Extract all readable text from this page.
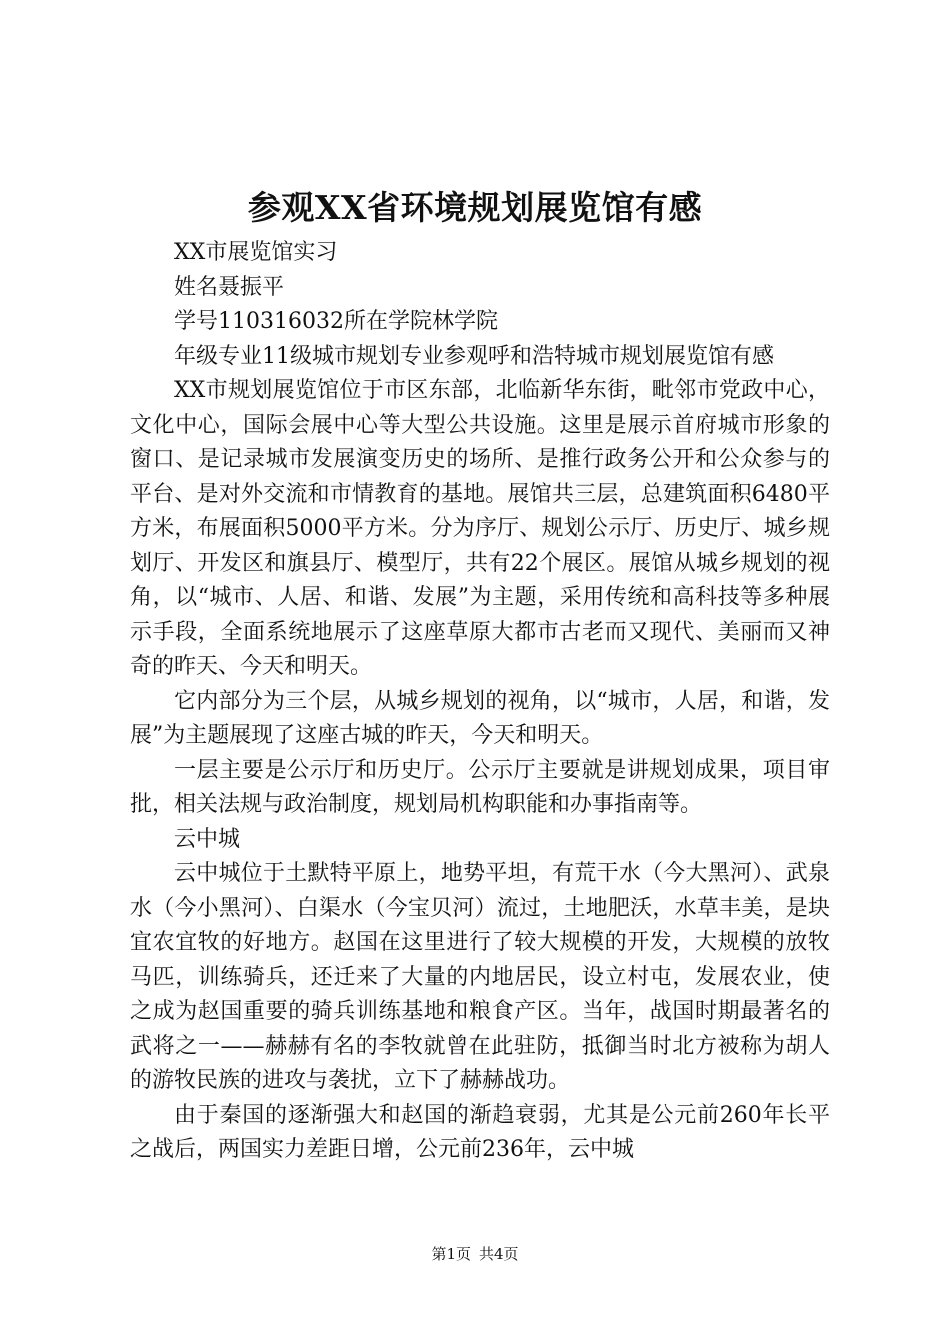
参观XX省环境规划展览馆有感

XX市展览馆实习

姓名聂振平

学号110316032所在学院林学院

年级专业11级城市规划专业参观呼和浩特城市规划展览馆有感

XX市规划展览馆位于市区东部，北临新华东街，毗邻市党政中心，文化中心，国际会展中心等大型公共设施。这里是展示首府城市形象的窗口、是记录城市发展演变历史的场所、是推行政务公开和公众参与的平台、是对外交流和市情教育的基地。展馆共三层，总建筑面积6480平方米，布展面积5000平方米。分为序厅、规划公示厅、历史厅、城乡规划厅、开发区和旗县厅、模型厅，共有22个展区。展馆从城乡规划的视角，以“城市、人居、和谐、发展”为主题，采用传统和高科技等多种展示手段，全面系统地展示了这座草原大都市古老而又现代、美丽而又神奇的昨天、今天和明天。

它内部分为三个层，从城乡规划的视角，以“城市，人居，和谐，发展”为主题展现了这座古城的昨天，今天和明天。

一层主要是公示厅和历史厅。公示厅主要就是讲规划成果，项目审批，相关法规与政治制度，规划局机构职能和办事指南等。

云中城

云中城位于土默特平原上，地势平坦，有荒干水（今大黑河）、武泉水（今小黑河）、白渠水（今宝贝河）流过，土地肥沃，水草丰美，是块宜农宜牧的好地方。赵国在这里进行了较大规模的开发，大规模的放牧马匹，训练骑兵，还迁来了大量的内地居民，设立村屯，发展农业，使之成为赵国重要的骑兵训练基地和粮食产区。当年，战国时期最著名的武将之一——赫赫有名的李牧就曾在此驻防，抵御当时北方被称为胡人的游牧民族的进攻与袭扰，立下了赫赫战功。

由于秦国的逐渐强大和赵国的渐趋衰弱，尤其是公元前260年长平之战后，两国实力差距日增，公元前236年，云中城

第1页 共4页
